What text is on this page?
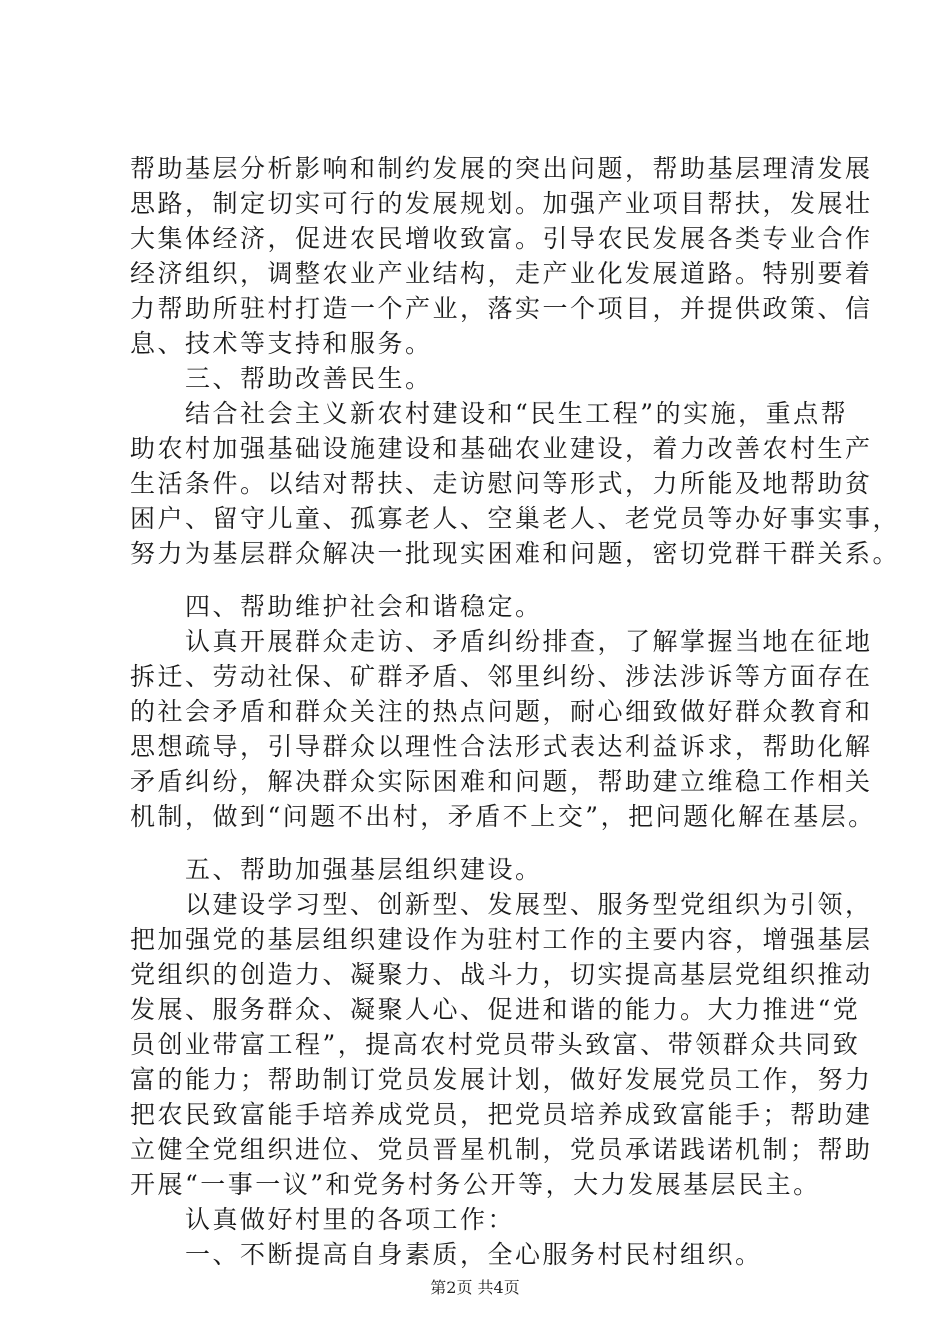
帮助基层分析影响和制约发展的突出问题，帮助基层理清发展
思路，制定切实可行的发展规划。加强产业项目帮扶，发展壮
大集体经济，促进农民增收致富。引导农民发展各类专业合作
经济组织，调整农业产业结构，走产业化发展道路。特别要着
力帮助所驻村打造一个产业，落实一个项目，并提供政策、信
息、技术等支持和服务。
　　三、帮助改善民生。
　　结合社会主义新农村建设和“民生工程”的实施，重点帮
助农村加强基础设施建设和基础农业建设，着力改善农村生产
生活条件。以结对帮扶、走访慰问等形式，力所能及地帮助贫
困户、留守儿童、孤寡老人、空巢老人、老党员等办好事实事，
努力为基层群众解决一批现实困难和问题，密切党群干群关系。
　　四、帮助维护社会和谐稳定。
　　认真开展群众走访、矛盾纠纷排查，了解掌握当地在征地
拆迁、劳动社保、矿群矛盾、邻里纠纷、涉法涉诉等方面存在
的社会矛盾和群众关注的热点问题，耐心细致做好群众教育和
思想疏导，引导群众以理性合法形式表达利益诉求，帮助化解
矛盾纠纷，解决群众实际困难和问题，帮助建立维稳工作相关
机制，做到“问题不出村，矛盾不上交”，把问题化解在基层。
　　五、帮助加强基层组织建设。
　　以建设学习型、创新型、发展型、服务型党组织为引领，
把加强党的基层组织建设作为驻村工作的主要内容，增强基层
党组织的创造力、凝聚力、战斗力，切实提高基层党组织推动
发展、服务群众、凝聚人心、促进和谐的能力。大力推进“党
员创业带富工程”，提高农村党员带头致富、带领群众共同致
富的能力；帮助制订党员发展计划，做好发展党员工作，努力
把农民致富能手培养成党员，把党员培养成致富能手；帮助建
立健全党组织进位、党员晋星机制，党员承诺践诺机制；帮助
开展“一事一议”和党务村务公开等，大力发展基层民主。
　　认真做好村里的各项工作：
　　一、不断提高自身素质，全心服务村民村组织。
第2页 共4页
